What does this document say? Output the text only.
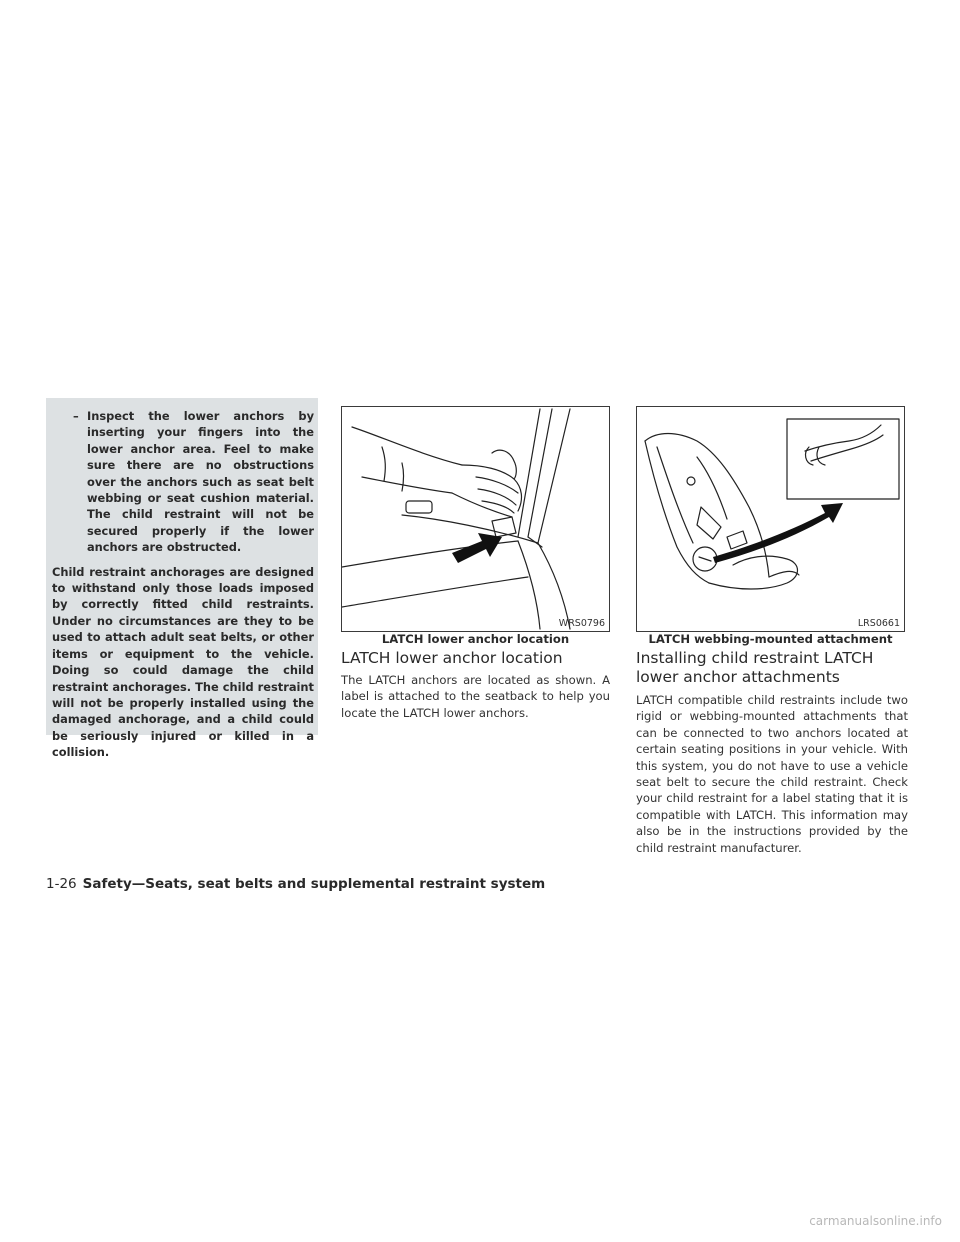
– Inspect the lower anchors by inserting your fingers into the lower anchor area. Feel to make sure there are no obstructions over the anchors such as seat belt webbing or seat cushion material. The child restraint will not be secured properly if the lower anchors are obstructed.
Child restraint anchorages are designed to withstand only those loads imposed by correctly fitted child restraints. Under no circumstances are they to be used to attach adult seat belts, or other items or equipment to the vehicle. Doing so could damage the child restraint anchorages. The child restraint will not be properly installed using the damaged anchorage, and a child could be seriously injured or killed in a collision.
WRS0796
LATCH lower anchor location
LRS0661
LATCH webbing-mounted attachment
LATCH lower anchor location
The LATCH anchors are located as shown. A label is attached to the seatback to help you locate the LATCH lower anchors.
Installing child restraint LATCH lower anchor attachments
LATCH compatible child restraints include two rigid or webbing-mounted attachments that can be connected to two anchors located at certain seating positions in your vehicle. With this system, you do not have to use a vehicle seat belt to secure the child restraint. Check your child restraint for a label stating that it is compatible with LATCH. This information may also be in the instructions provided by the child restraint manufacturer.
1-26 Safety—Seats, seat belts and supplemental restraint system
carmanualsonline.info
